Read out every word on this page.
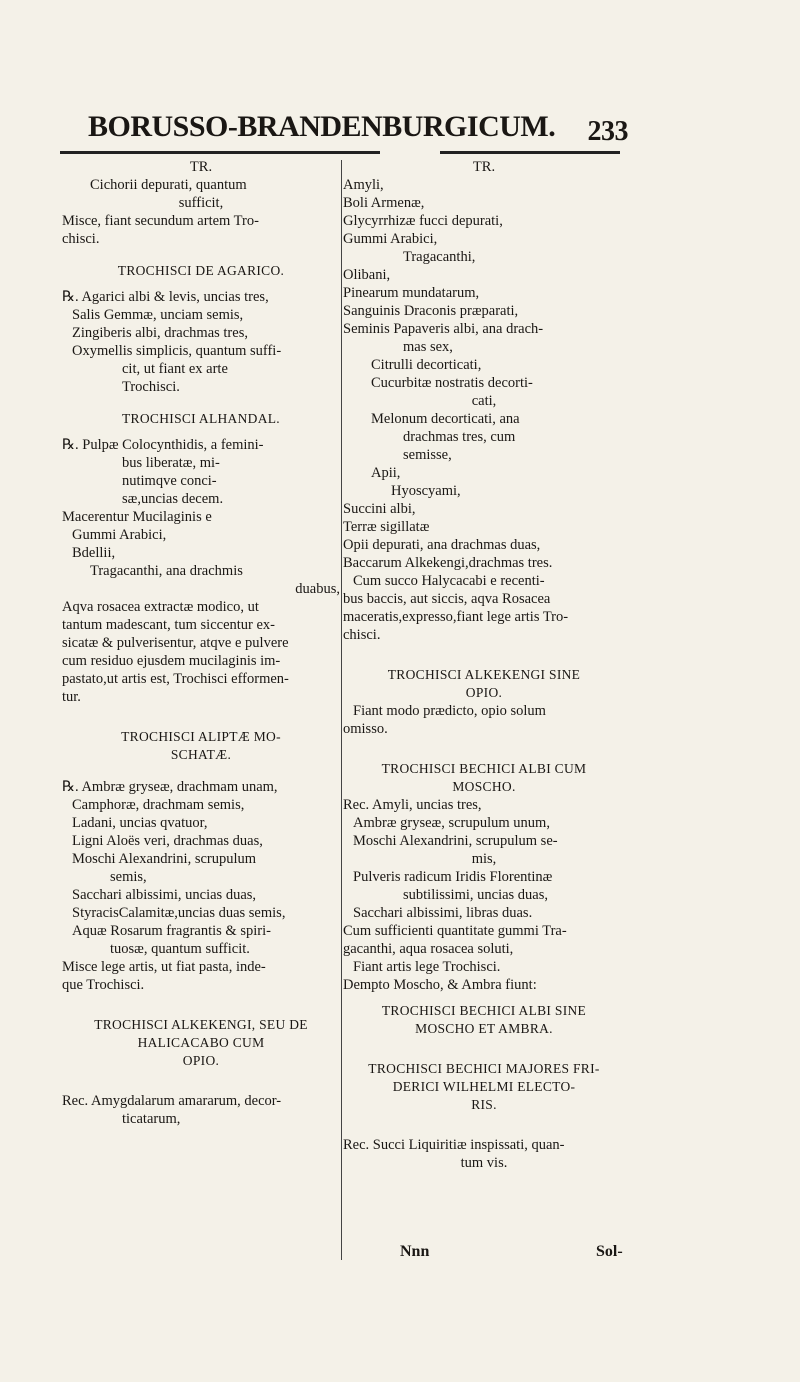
BORUSSO-BRANDENBURGICUM. 233
TR.
Cichorii depurati, quantum
sufficit,
Misce, fiant secundum artem Tro-
chisci.
TROCHISCI DE AGARICO.
℞. Agarici albi & levis, uncias tres,
Salis Gemmæ, unciam semis,
Zingiberis albi, drachmas tres,
Oxymellis simplicis, quantum suffi-
cit, ut fiant ex arte
Trochisci.
TROCHISCI ALHANDAL.
℞. Pulpæ Colocynthidis, a femini-
bus liberatæ, mi-
nutimqve conci-
sæ,uncias decem.
Macerentur Mucilaginis e
Gummi Arabici,
Bdellii,
Tragacanthi, ana drachmis
duabus,
Aqva rosacea extractæ modico, ut
tantum madescant, tum siccentur ex-
sicatæ & pulverisentur, atqve e pulvere
cum residuo ejusdem mucilaginis im-
pastato,ut artis est, Trochisci efformen-
tur.
TROCHISCI ALIPTÆ MO-
SCHATÆ.
℞. Ambræ gryseæ, drachmam unam,
Camphoræ, drachmam semis,
Ladani, uncias qvatuor,
Ligni Aloës veri, drachmas duas,
Moschi Alexandrini, scrupulum
semis,
Sacchari albissimi, uncias duas,
StyracisCalamitæ,uncias duas semis,
Aquæ Rosarum fragrantis & spiri-
tuosæ, quantum sufficit.
Misce lege artis, ut fiat pasta, inde-
que Trochisci.
TROCHISCI ALKEKENGI, SEU DE
HALICACABO CUM
OPIO.
Rec. Amygdalarum amararum, decor-
ticatarum,
TR.
Amyli,
Boli Armenæ,
Glycyrrhizæ fucci depurati,
Gummi Arabici,
Tragacanthi,
Olibani,
Pinearum mundatarum,
Sanguinis Draconis præparati,
Seminis Papaveris albi, ana drach-
mas sex,
Citrulli decorticati,
Cucurbitæ nostratis decorti-
cati,
Melonum decorticati, ana
drachmas tres, cum
semisse,
Apii,
Hyoscyami,
Succini albi,
Terræ sigillatæ
Opii depurati, ana drachmas duas,
Baccarum Alkekengi,drachmas tres.
Cum succo Halycacabi e recenti-
bus baccis, aut siccis, aqva Rosacea
maceratis,expresso,fiant lege artis Tro-
chisci.
TROCHISCI ALKEKENGI SINE
OPIO.
Fiant modo prædicto, opio solum
omisso.
TROCHISCI BECHICI ALBI CUM
MOSCHO.
Rec. Amyli, uncias tres,
Ambræ gryseæ, scrupulum unum,
Moschi Alexandrini, scrupulum se-
mis,
Pulveris radicum Iridis Florentinæ
subtilissimi, uncias duas,
Sacchari albissimi, libras duas.
Cum sufficienti quantitate gummi Tra-
gacanthi, aqua rosacea soluti,
Fiant artis lege Trochisci.
Dempto Moscho, & Ambra fiunt:
TROCHISCI BECHICI ALBI SINE
MOSCHO ET AMBRA.
TROCHISCI BECHICI MAJORES FRI-
DERICI WILHELMI ELECTO-
RIS.
Rec. Succi Liquiritiæ inspissati, quan-
tum vis.
Nnn	Sol-
